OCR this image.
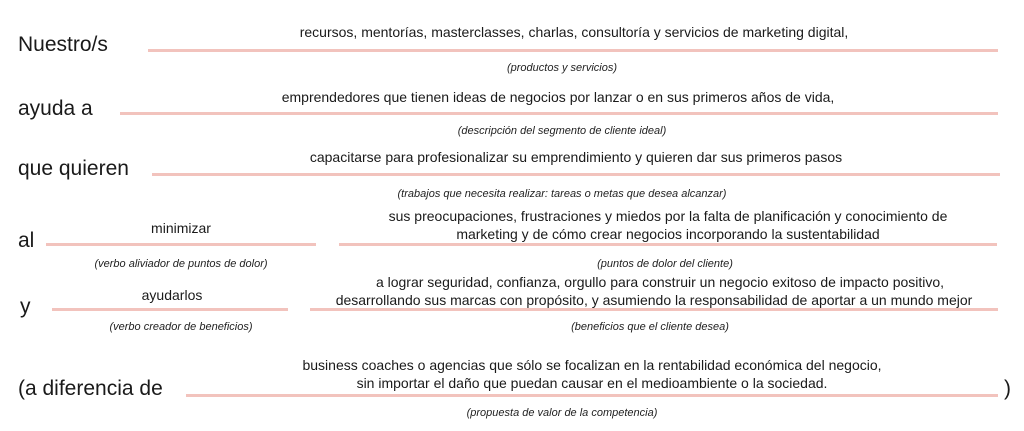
Nuestro/s
recursos, mentorías, masterclasses, charlas, consultoría y servicios de marketing digital,
(productos y servicios)
ayuda a	emprendedores que tienen ideas de negocios por lanzar o en sus primeros años de vida,
(descripción del segmento de cliente ideal)
que quieren	capacitarse para profesionalizar su emprendimiento y quieren dar sus primeros pasos
(trabajos que necesita realizar: tareas o metas que desea alcanzar)
al
minimizar
(verbo aliviador de puntos de dolor)
sus preocupaciones, frustraciones y miedos por la falta de planificación y conocimiento de
marketing y de cómo crear negocios incorporando la sustentabilidad
(puntos de dolor del cliente)
y	ayudarlos
(verbo creador de beneficios)
a lograr seguridad, confianza, orgullo para construir un negocio exitoso de impacto positivo,
desarrollando sus marcas con propósito, y asumiendo la responsabilidad de aportar a un mundo mejor
(beneficios que el cliente desea)
(a diferencia de
business coaches o agencias que sólo se focalizan en la rentabilidad económica del negocio,
sin importar el daño que puedan causar en el medioambiente o la sociedad.	)
(propuesta de valor de la competencia)
